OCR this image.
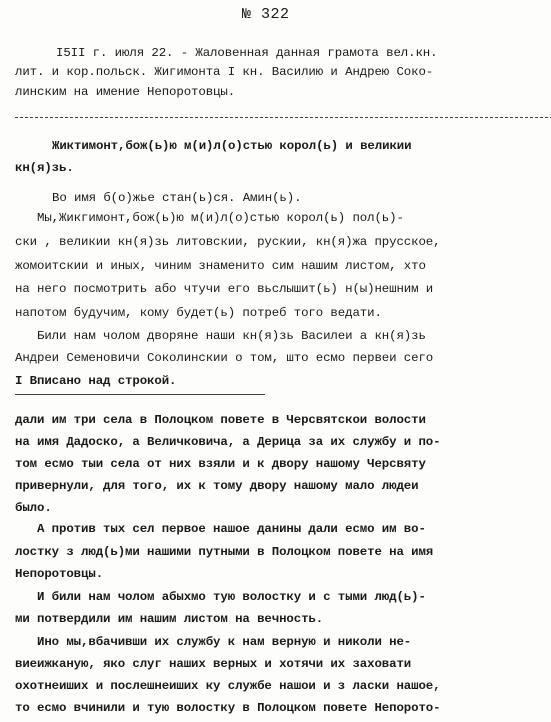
№ 322
I5II г. июля 22. - Жаловенная данная грамота вел.кн.
лит. и кор.польск. Жигимонта I кн. Василию и Андрею Соко-
линским на имение Непоротовцы.
Жиктимонт,бож(ь)ю м(и)л(о)стью корол(ь) и великии
кн(я)зь.
Во имя б(о)жье стан(ь)ся. Амин(ь).
Мы,Жикгимонт,бож(ь)ю м(и)л(о)стью корол(ь) пол(ь)-
ски , великии кн(я)зь литовскии, рускии, кн(я)жа прусское,
жомоитскии и иных, чиним знаменито сим нашим листом, хто
на него посмотрить або чтучи его вьслышит(ь) н(ы)нешним и
напотом будучим, кому будет(ь) потреб того ведати.
Били нам чолом дворяне наши кн(я)зь Василеи а кн(я)зь
Андреи Семеновичи Соколинскии о том, што есмо первеи сего
I Вписано над строкой.
дали им три села в Полоцком повете в Черсвятскои волости
на имя Дадоско, а Величковича, а Дерица за их службу и по-
том есмо тыи села от них взяли и к двору нашому Черсвяту
привернули, для того, их к тому двору нашому мало людеи
было.
А против тых сел первое нашое данины дали есмо им во-
лостку з люд(ь)ми нашими путными в Полоцком повете на имя
Непоротовцы.
И били нам чолом абыхмо тую волостку и с тыми люд(ь)-
ми потвердили им нашим листом на вечность.
Ино мы,вбачивши их службу к нам верную и николи не-
виеижканую, яко слуг наших верных и хотячи их заховати
охотнеиших и послешнеиших ку службе нашои и з ласки нашое,
то есмо вчинили и тую волостку в Полоцком повете Непорото-
